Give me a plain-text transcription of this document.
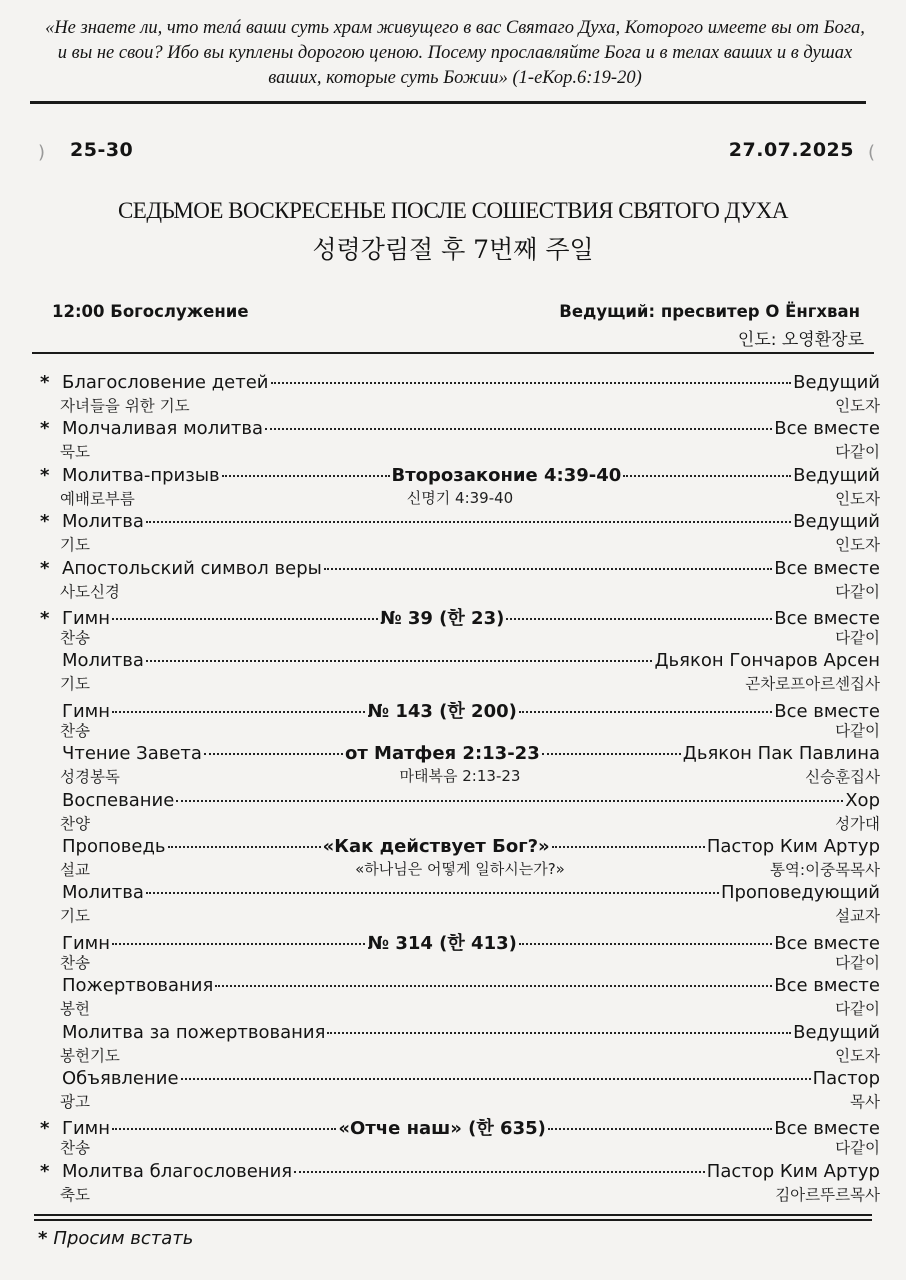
«Не знаете ли, что телá ваши суть храм живущего в вас Святаго Духа, Которого имеете вы от Бога, и вы не свои? Ибо вы куплены дорогою ценою. Посему прославляйте Бога и в телах ваших и в душах ваших, которые суть Божии» (1-еКор.6:19-20)
)	(
25-30	27.07.2025
СЕДЬМОЕ ВОСКРЕСЕНЬЕ ПОСЛЕ СОШЕСТВИЯ СВЯТОГО ДУХА
성령강림절 후 7번째 주일
12:00 Богослужение	Ведущий: пресвитер О Ёнгхван
인도: 오영환장로
* Благословение детей	Ведущий
자녀들을 위한 기도	인도자
* Молчаливая молитва	Все вместе
묵도	다같이
* Молитва-призыв	Второзаконие 4:39-40	Ведущий
예배로부름	신명기 4:39-40	인도자
* Молитва	Ведущий
기도	인도자
* Апостольский символ веры	Все вместе
사도신경	다같이
* Гимн	№ 39 (한 23)	Все вместе
찬송	다같이
Молитва	Дьякон Гончаров Арсен
기도	곤차로프아르센집사
Гимн	№ 143 (한 200)	Все вместе
찬송	다같이
Чтение Завета	от Матфея 2:13-23	Дьякон Пак Павлина
성경봉독	마태복음 2:13-23	신승훈집사
Воспевание	Хор
찬양	성가대
Проповедь	«Как действует Бог?»	Пастор Ким Артур
설교	«하나님은 어떻게 일하시는가?»	통역:이중목목사
Молитва	Проповедующий
기도	설교자
Гимн	№ 314 (한 413)	Все вместе
찬송	다같이
Пожертвования	Все вместе
봉헌	다같이
Молитва за пожертвования	Ведущий
봉헌기도	인도자
Объявление	Пастор
광고	목사
* Гимн	«Отче наш» (한 635)	Все вместе
찬송	다같이
* Молитва благословения	Пастор Ким Артур
축도	김아르뚜르목사
* Просим встать
